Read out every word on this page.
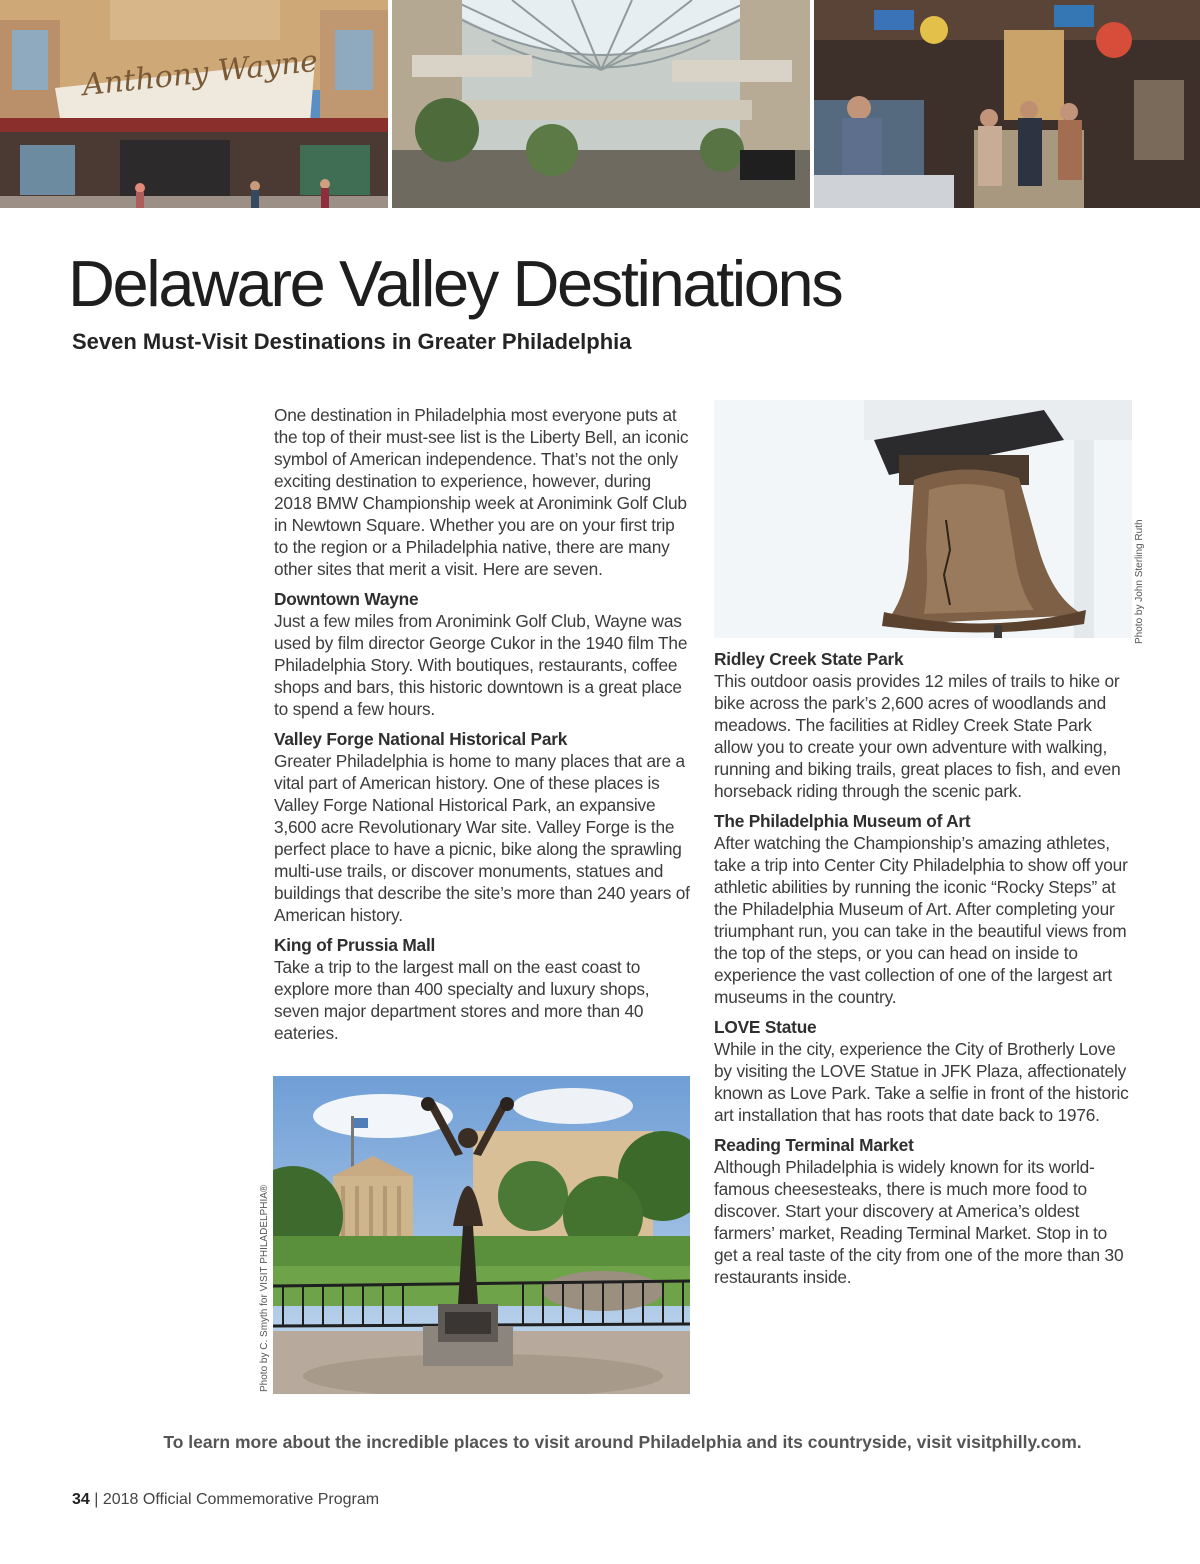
Anthony Wayne
Delaware Valley Destinations
Seven Must-Visit Destinations in Greater Philadelphia

One destination in Philadelphia most everyone puts at the top of their must-see list is the Liberty Bell, an iconic symbol of American independence. That’s not the only exciting destination to experience, however, during 2018 BMW Championship week at Aronimink Golf Club in Newtown Square. Whether you are on your first trip to the region or a Philadelphia native, there are many other sites that merit a visit. Here are seven.

Downtown Wayne

Just a few miles from Aronimink Golf Club, Wayne was used by film director George Cukor in the 1940 film The Philadelphia Story. With boutiques, restaurants, coffee shops and bars, this historic downtown is a great place to spend a few hours.

Valley Forge National Historical Park

Greater Philadelphia is home to many places that are a vital part of American history. One of these places is Valley Forge National Historical Park, an expansive 3,600 acre Revolutionary War site. Valley Forge is the perfect place to have a picnic, bike along the sprawling multi-use trails, or discover monuments, statues and buildings that describe the site’s more than 240 years of American history.

King of Prussia Mall

Take a trip to the largest mall on the east coast to explore more than 400 specialty and luxury shops, seven major department stores and more than 40 eateries.

Photo by John Sterling Ruth
Ridley Creek State Park

This outdoor oasis provides 12 miles of trails to hike or bike across the park’s 2,600 acres of woodlands and meadows. The facilities at Ridley Creek State Park allow you to create your own adventure with walking, running and biking trails, great places to fish, and even horseback riding through the scenic park.

The Philadelphia Museum of Art

After watching the Championship’s amazing athletes, take a trip into Center City Philadelphia to show off your athletic abilities by running the iconic “Rocky Steps” at the Philadelphia Museum of Art. After completing your triumphant run, you can take in the beautiful views from the top of the steps, or you can head on inside to experience the vast collection of one of the largest art museums in the country.

LOVE Statue

While in the city, experience the City of Brotherly Love by visiting the LOVE Statue in JFK Plaza, affectionately known as Love Park. Take a selfie in front of the historic art installation that has roots that date back to 1976.

Reading Terminal Market

Although Philadelphia is widely known for its world-famous cheesesteaks, there is much more food to discover. Start your discovery at America’s oldest farmers’ market, Reading Terminal Market. Stop in to get a real taste of the city from one of the more than 30 restaurants inside.

Photo by C. Smyth for VISIT PHILADELPHIA®

To learn more about the incredible places to visit around Philadelphia and its countryside, visit visitphilly.com.

34 | 2018 Official Commemorative Program
